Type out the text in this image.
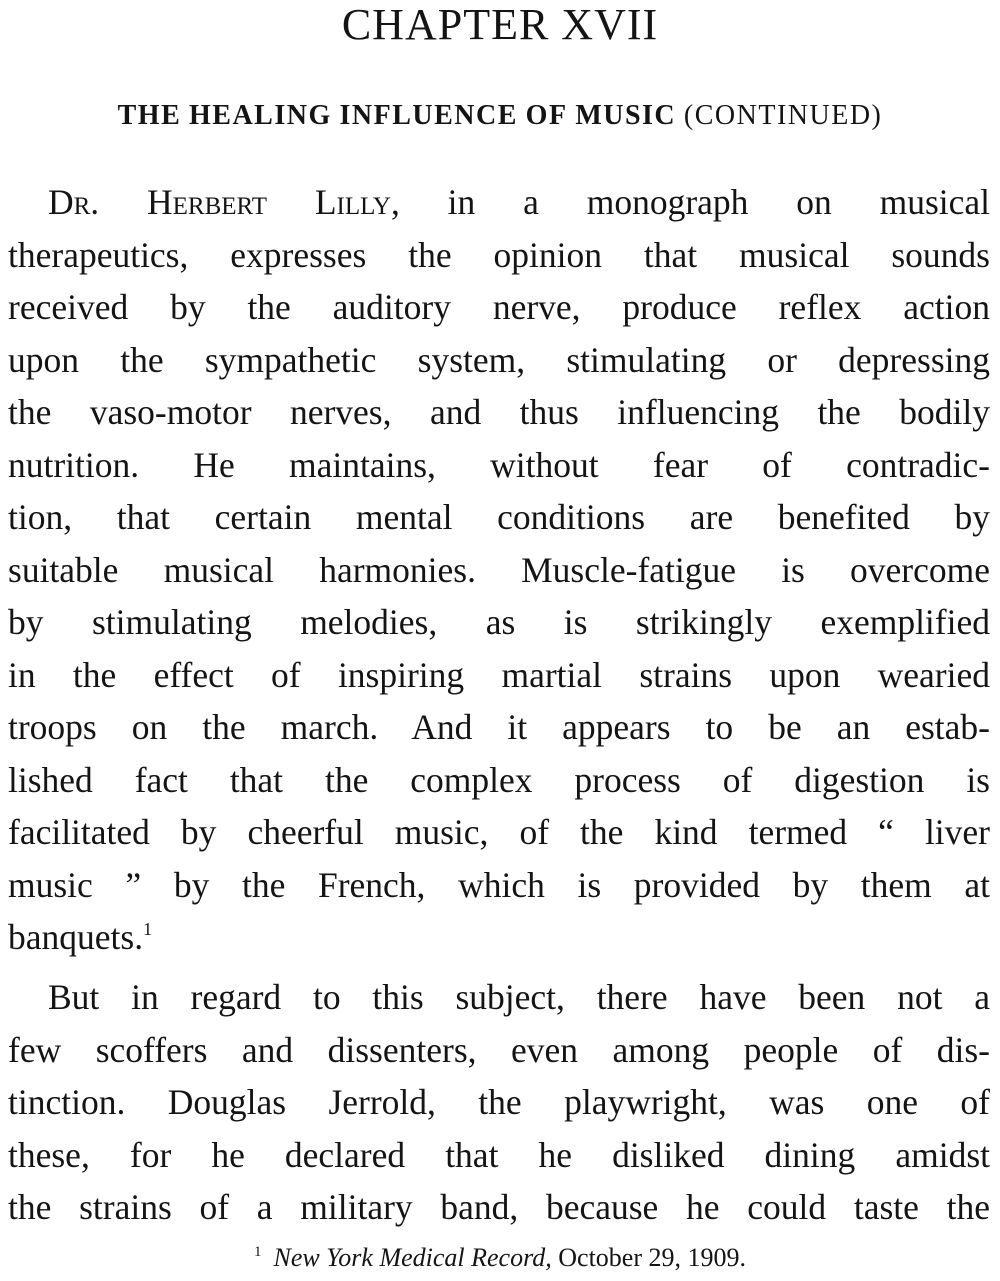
CHAPTER XVII
THE HEALING INFLUENCE OF MUSIC (CONTINUED)
Dr. Herbert Lilly, in a monograph on musical
therapeutics, expresses the opinion that musical sounds
received by the auditory nerve, produce reflex action
upon the sympathetic system, stimulating or depressing
the vaso-motor nerves, and thus influencing the bodily
nutrition. He maintains, without fear of contradic-
tion, that certain mental conditions are benefited by
suitable musical harmonies. Muscle-fatigue is overcome
by stimulating melodies, as is strikingly exemplified
in the effect of inspiring martial strains upon wearied
troops on the march. And it appears to be an estab-
lished fact that the complex process of digestion is
facilitated by cheerful music, of the kind termed “ liver
music ” by the French, which is provided by them at
banquets.$^1$
But in regard to this subject, there have been not a
few scoffers and dissenters, even among people of dis-
tinction. Douglas Jerrold, the playwright, was one of
these, for he declared that he disliked dining amidst
the strains of a military band, because he could taste the

$^1$ New York Medical Record, October 29, 1909.
